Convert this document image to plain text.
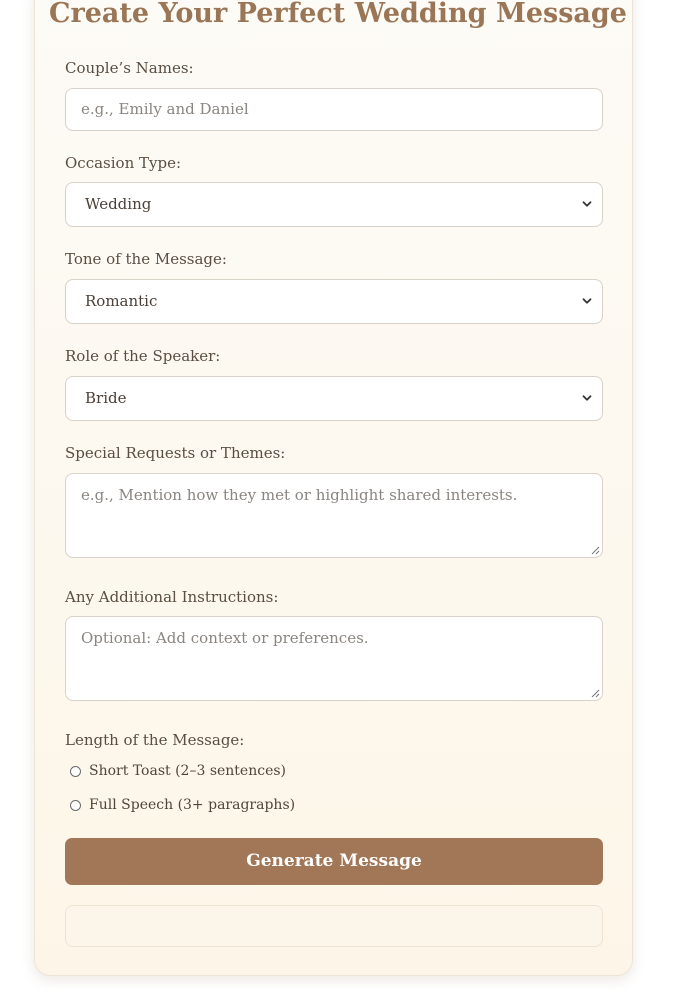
Create Your Perfect Wedding Message
Couple’s Names:
e.g., Emily and Daniel
Occasion Type:
Wedding
Tone of the Message:
Romantic
Role of the Speaker:
Bride
Special Requests or Themes:
e.g., Mention how they met or highlight shared interests.
Any Additional Instructions:
Optional: Add context or preferences.
Length of the Message:
Short Toast (2–3 sentences)
Full Speech (3+ paragraphs)
Generate Message
